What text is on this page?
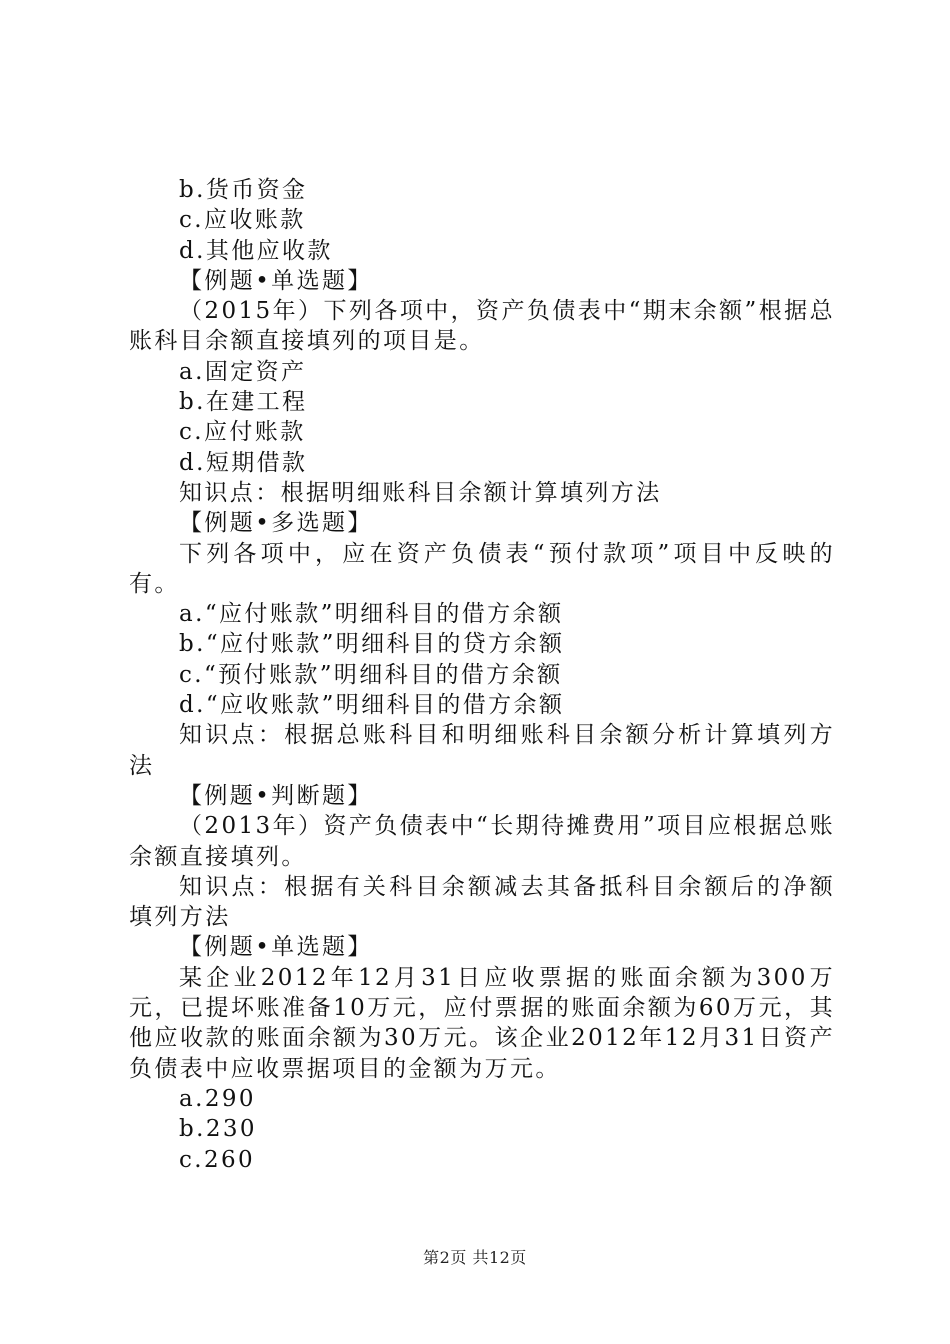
b.货币资金

c.应收账款

d.其他应收款

【例题•单选题】

（2015年）下列各项中，资产负债表中“期末余额”根据总账科目余额直接填列的项目是。

a.固定资产

b.在建工程

c.应付账款

d.短期借款

知识点：根据明细账科目余额计算填列方法

【例题•多选题】

下列各项中，应在资产负债表“预付款项”项目中反映的有。

a.“应付账款”明细科目的借方余额

b.“应付账款”明细科目的贷方余额

c.“预付账款”明细科目的借方余额

d.“应收账款”明细科目的借方余额

知识点：根据总账科目和明细账科目余额分析计算填列方法

【例题•判断题】

（2013年）资产负债表中“长期待摊费用”项目应根据总账余额直接填列。

知识点：根据有关科目余额减去其备抵科目余额后的净额填列方法

【例题•单选题】

某企业2012年12月31日应收票据的账面余额为300万元，已提坏账准备10万元，应付票据的账面余额为60万元，其他应收款的账面余额为30万元。该企业2012年12月31日资产负债表中应收票据项目的金额为万元。

a.290

b.230

c.260

第2页 共12页
